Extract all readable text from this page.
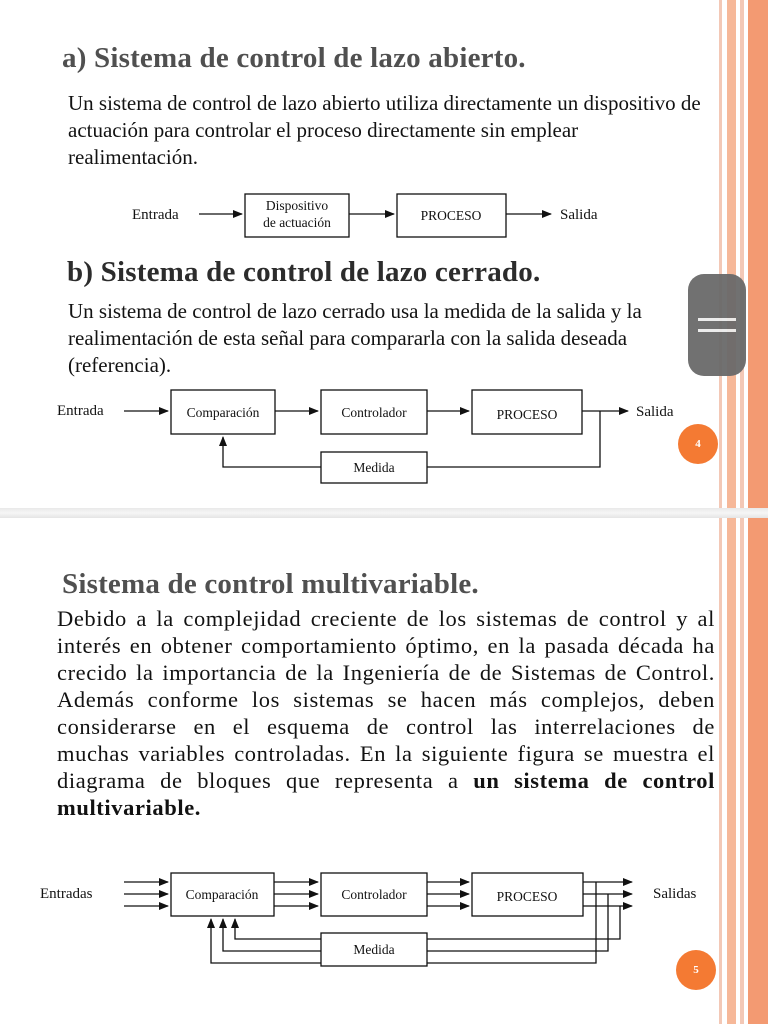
a) Sistema de control de lazo abierto.

Un sistema de control de lazo abierto utiliza directamente un dispositivo de actuación para controlar el proceso directamente sin emplear realimentación.

Entrada
Dispositivo
de actuación	PROCESO	Salida
b) Sistema de control de lazo cerrado.

Un sistema de control de lazo cerrado usa la medida de la salida y la realimentación de esta señal para compararla con la salida deseada (referencia).

Entrada	Comparación	Controlador	PROCESO	Salida
Medida
4
Sistema de control multivariable.

Debido a la complejidad creciente de los sistemas de control y al interés en obtener comportamiento óptimo, en la pasada década ha crecido la importancia de la Ingeniería de de Sistemas de Control. Además conforme los sistemas se hacen más complejos, deben considerarse en el esquema de control las interrelaciones de muchas variables controladas. En la siguiente figura se muestra el diagrama de bloques que representa a un sistema de control multivariable.

Entradas	Comparación	Controlador	PROCESO	Salidas
Medida
5
